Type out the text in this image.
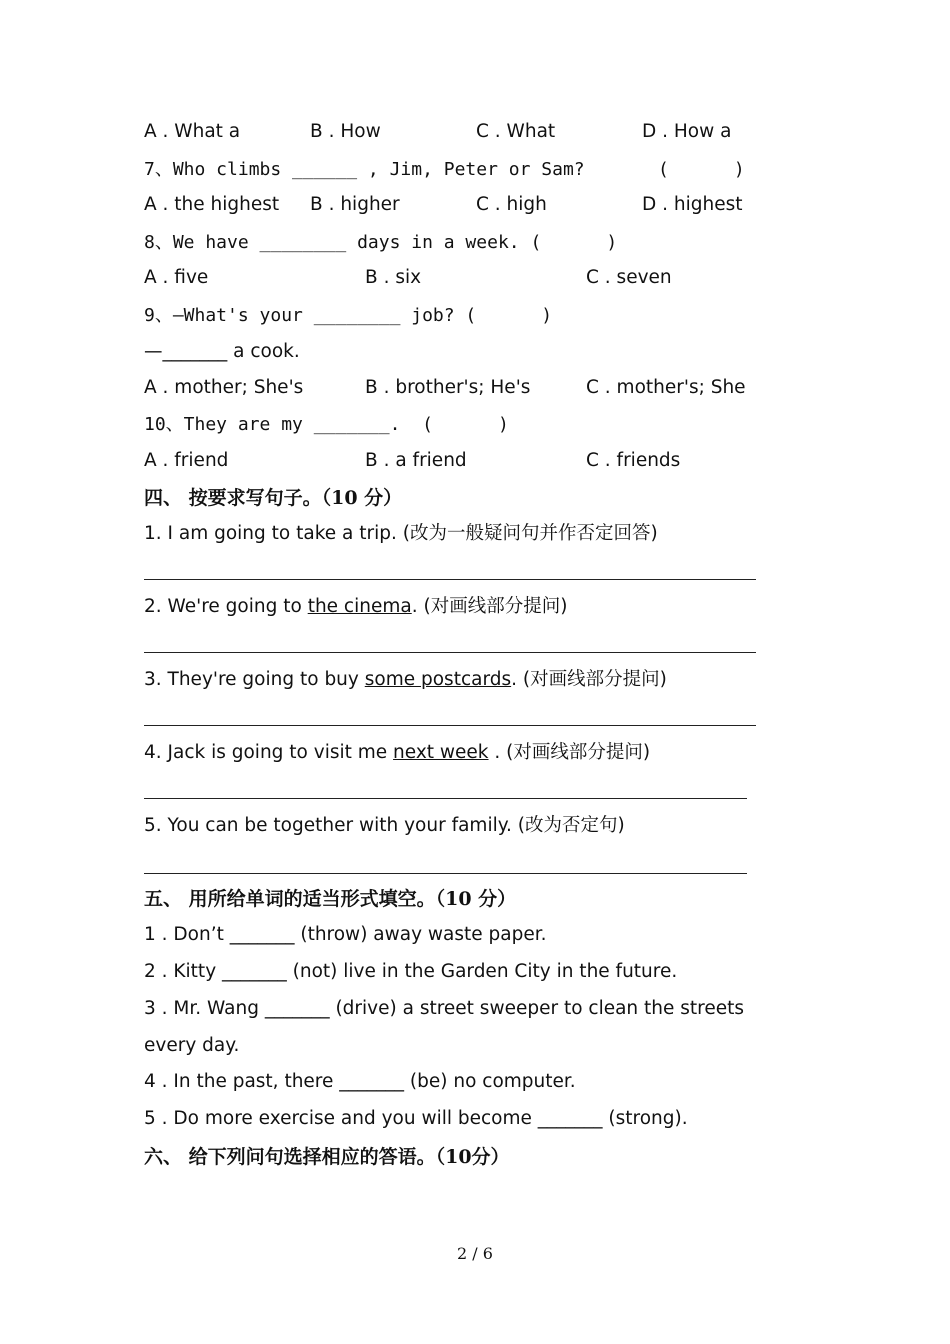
A . What a	B . How	C . What	D . How a
7、Who climbs ______ , Jim, Peter or Sam?	(      )
A . the highest B . higher	C . high	D . highest
8、We have ________ days in a week. (      )
A . five	B . six	C . seven
9、—What's your ________ job? (      )
—_______ a cook.
A . mother; She's	B . brother's; He's	C . mother's; She
10、They are my _______.  (      )
A . friend	B . a friend	C . friends
四、 按要求写句子。（10 分）
1. I am going to take a trip. (改为一般疑问句并作否定回答)
2. We're going to the cinema. (对画线部分提问)
3. They're going to buy some postcards. (对画线部分提问)
4. Jack is going to visit me next week . (对画线部分提问)
5. You can be together with your family. (改为否定句)
五、 用所给单词的适当形式填空。（10 分）
1 . Don’t _______ (throw) away waste paper.
2 . Kitty _______ (not) live in the Garden City in the future.
3 . Mr. Wang _______ (drive) a street sweeper to clean the streets
every day.
4 . In the past, there _______ (be) no computer.
5 . Do more exercise and you will become _______ (strong).
六、 给下列问句选择相应的答语。（10分）
2 / 6
